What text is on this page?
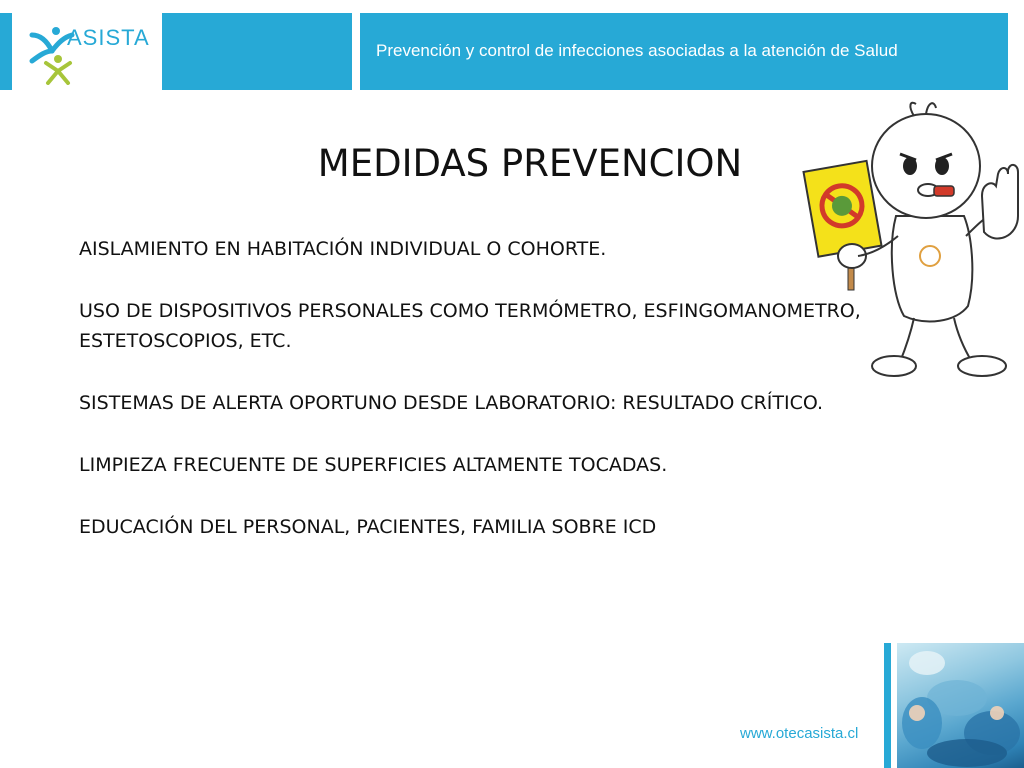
ASISTA
Prevención y control de infecciones asociadas a la atención de Salud
MEDIDAS PREVENCION

AISLAMIENTO EN HABITACIÓN INDIVIDUAL O COHORTE.

USO DE DISPOSITIVOS PERSONALES COMO TERMÓMETRO, ESFINGOMANOMETRO, ESTETOSCOPIOS, ETC.

SISTEMAS DE ALERTA OPORTUNO DESDE LABORATORIO: RESULTADO CRÍTICO.

LIMPIEZA FRECUENTE DE SUPERFICIES ALTAMENTE TOCADAS.

EDUCACIÓN DEL PERSONAL, PACIENTES, FAMILIA SOBRE ICD

www.otecasista.cl
